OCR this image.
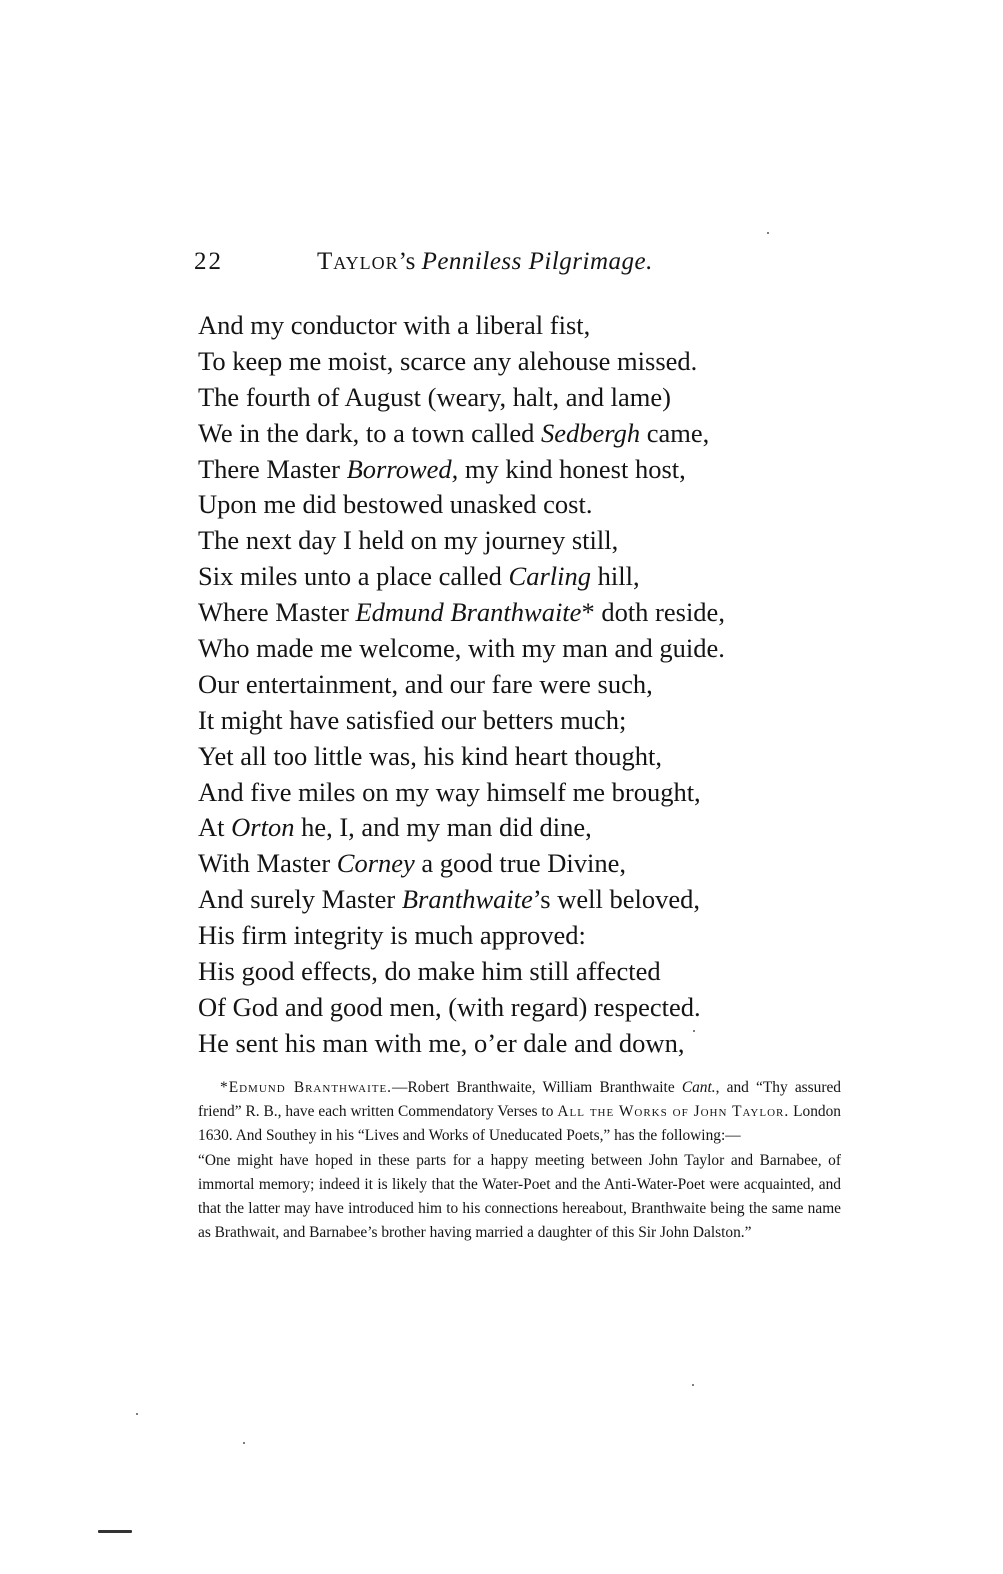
22	Taylor’s Penniless Pilgrimage.
And my conductor with a liberal fist,
To keep me moist, scarce any alehouse missed.
The fourth of August (weary, halt, and lame)
We in the dark, to a town called Sedbergh came,
There Master Borrowed, my kind honest host,
Upon me did bestowed unasked cost.
The next day I held on my journey still,
Six miles unto a place called Carling hill,
Where Master Edmund Branthwaite* doth reside,
Who made me welcome, with my man and guide.
Our entertainment, and our fare were such,
It might have satisfied our betters much;
Yet all too little was, his kind heart thought,
And five miles on my way himself me brought,
At Orton he, I, and my man did dine,
With Master Corney a good true Divine,
And surely Master Branthwaite’s well beloved,
His firm integrity is much approved:
His good effects, do make him still affected
Of God and good men, (with regard) respected.
He sent his man with me, o’er dale and down,

*Edmund Branthwaite.—Robert Branthwaite, William Branthwaite Cant., and “Thy assured friend” R. B., have each written Commendatory Verses to All the Works of John Taylor. London 1630. And Southey in his “Lives and Works of Uneducated Poets,” has the following:—

“One might have hoped in these parts for a happy meeting between John Taylor and Barnabee, of immortal memory; indeed it is likely that the Water-Poet and the Anti-Water-Poet were acquainted, and that the latter may have introduced him to his connections hereabout, Branthwaite being the same name as Brathwait, and Barnabee’s brother having married a daughter of this Sir John Dalston.”
